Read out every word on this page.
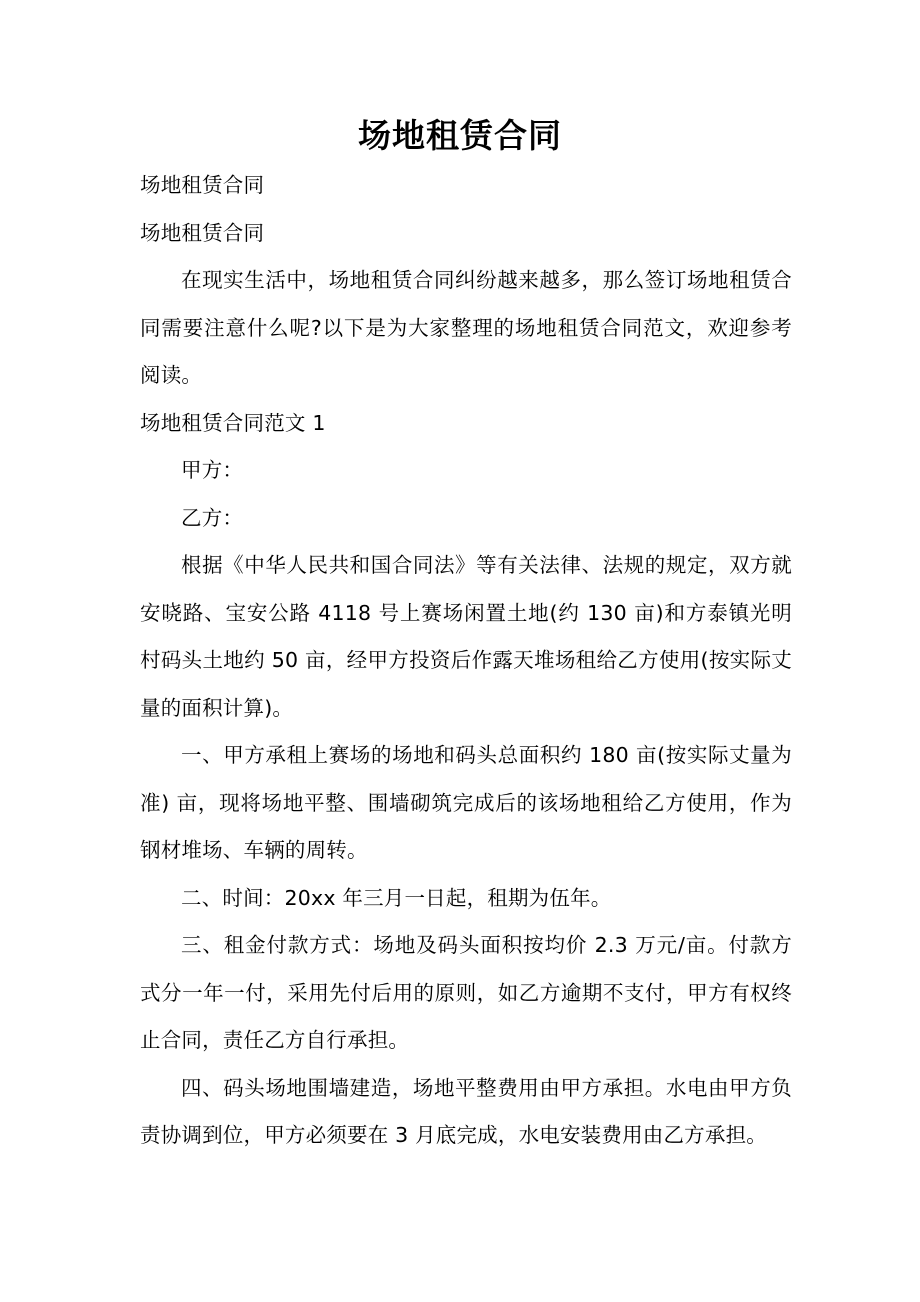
场地租赁合同

场地租赁合同

场地租赁合同

在现实生活中，场地租赁合同纠纷越来越多，那么签订场地租赁合同需要注意什么呢?以下是为大家整理的场地租赁合同范文，欢迎参考阅读。

场地租赁合同范文 1

甲方：

乙方：

根据《中华人民共和国合同法》等有关法律、法规的规定，双方就安晓路、宝安公路 4118 号上赛场闲置土地(约 130 亩)和方泰镇光明村码头土地约 50 亩，经甲方投资后作露天堆场租给乙方使用(按实际丈量的面积计算)。

一、甲方承租上赛场的场地和码头总面积约 180 亩(按实际丈量为准) 亩，现将场地平整、围墙砌筑完成后的该场地租给乙方使用，作为钢材堆场、车辆的周转。

二、时间：20xx 年三月一日起，租期为伍年。

三、租金付款方式：场地及码头面积按均价 2.3 万元/亩。付款方式分一年一付，采用先付后用的原则，如乙方逾期不支付，甲方有权终止合同，责任乙方自行承担。

四、码头场地围墙建造，场地平整费用由甲方承担。水电由甲方负责协调到位，甲方必须要在 3 月底完成，水电安装费用由乙方承担。
